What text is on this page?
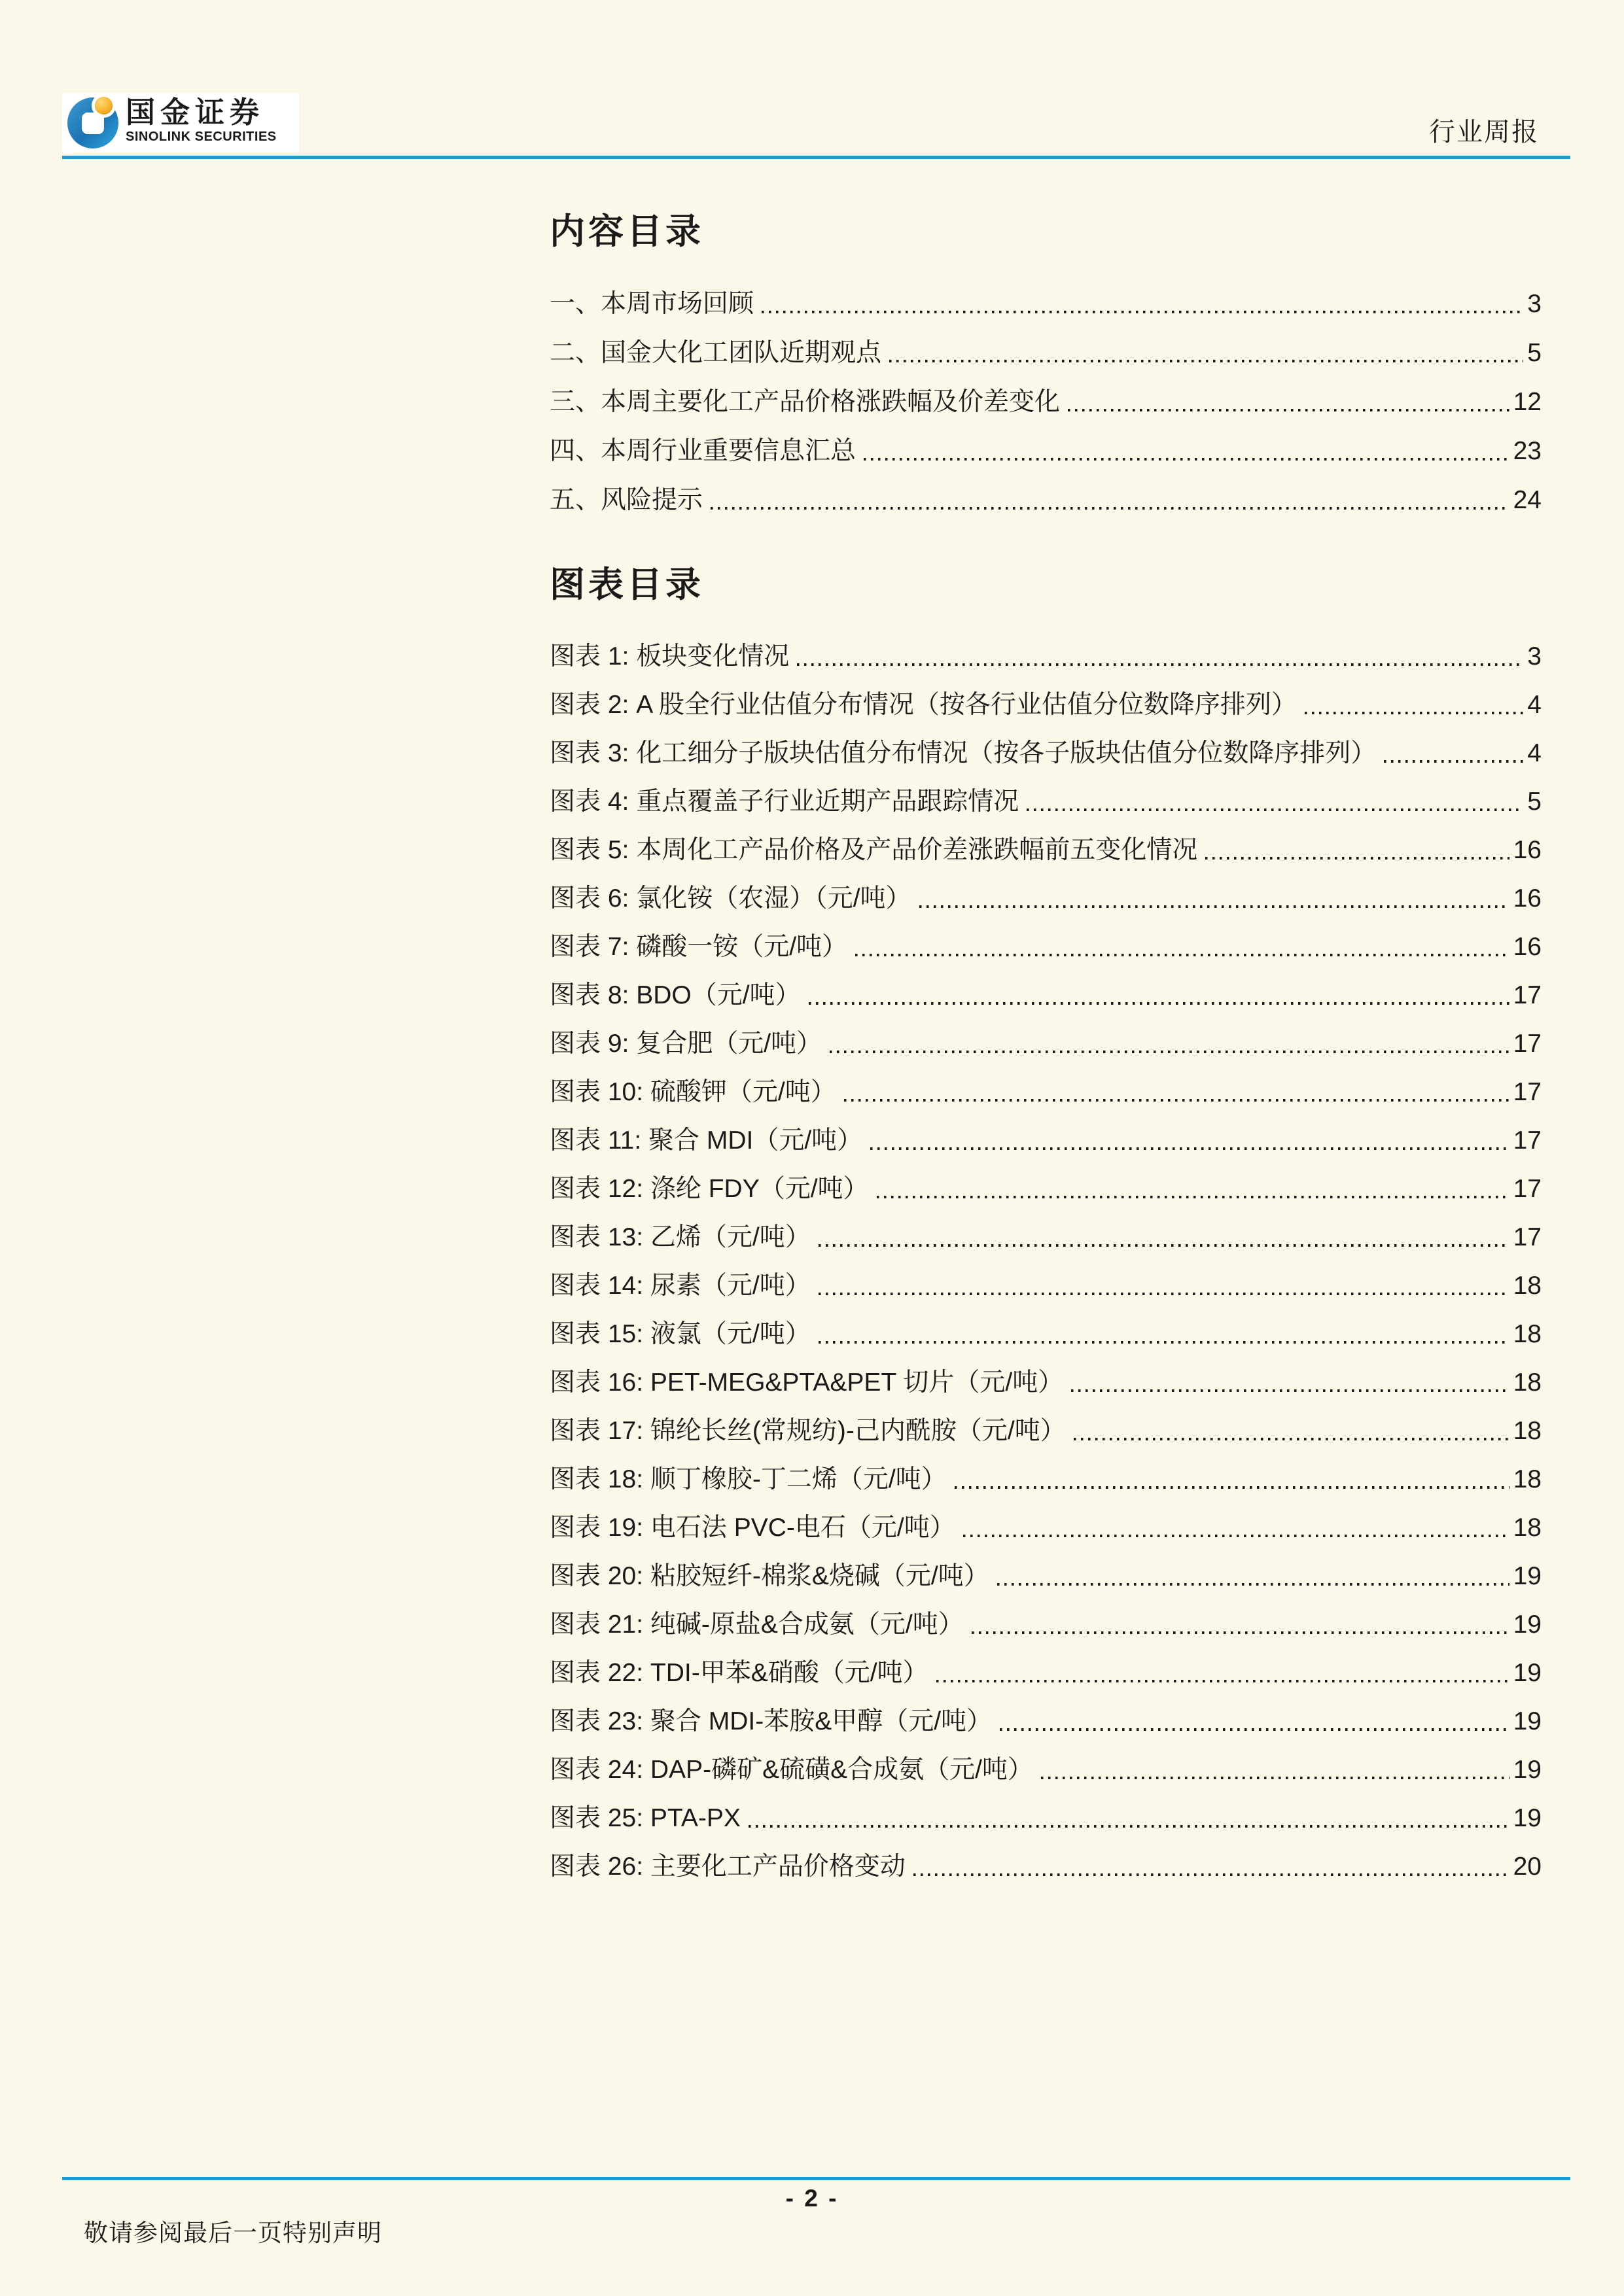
国金证券
SINOLINK SECURITIES	行业周报
内容目录
一、本周市场回顾	3
二、国金大化工团队近期观点	5
三、本周主要化工产品价格涨跌幅及价差变化	12
四、本周行业重要信息汇总	23
五、风险提示	24
图表目录
图表 1: 板块变化情况	3
图表 2: A 股全行业估值分布情况（按各行业估值分位数降序排列）	4
图表 3: 化工细分子版块估值分布情况（按各子版块估值分位数降序排列）	4
图表 4: 重点覆盖子行业近期产品跟踪情况	5
图表 5: 本周化工产品价格及产品价差涨跌幅前五变化情况	16
图表 6: 氯化铵（农湿）（元/吨）	16
图表 7: 磷酸一铵（元/吨）	16
图表 8: BDO（元/吨）	17
图表 9: 复合肥（元/吨）	17
图表 10: 硫酸钾（元/吨）	17
图表 11: 聚合 MDI（元/吨）	17
图表 12: 涤纶 FDY（元/吨）	17
图表 13: 乙烯（元/吨）	17
图表 14: 尿素（元/吨）	18
图表 15: 液氯（元/吨）	18
图表 16: PET-MEG&PTA&PET 切片（元/吨）	18
图表 17: 锦纶长丝(常规纺)-己内酰胺（元/吨）	18
图表 18: 顺丁橡胶-丁二烯（元/吨）	18
图表 19: 电石法 PVC-电石（元/吨）	18
图表 20: 粘胶短纤-棉浆&烧碱（元/吨）	19
图表 21: 纯碱-原盐&合成氨（元/吨）	19
图表 22: TDI-甲苯&硝酸（元/吨）	19
图表 23: 聚合 MDI-苯胺&甲醇（元/吨）	19
图表 24: DAP-磷矿&硫磺&合成氨（元/吨）	19
图表 25: PTA-PX	19
图表 26: 主要化工产品价格变动	20
- 2 -
敬请参阅最后一页特别声明
